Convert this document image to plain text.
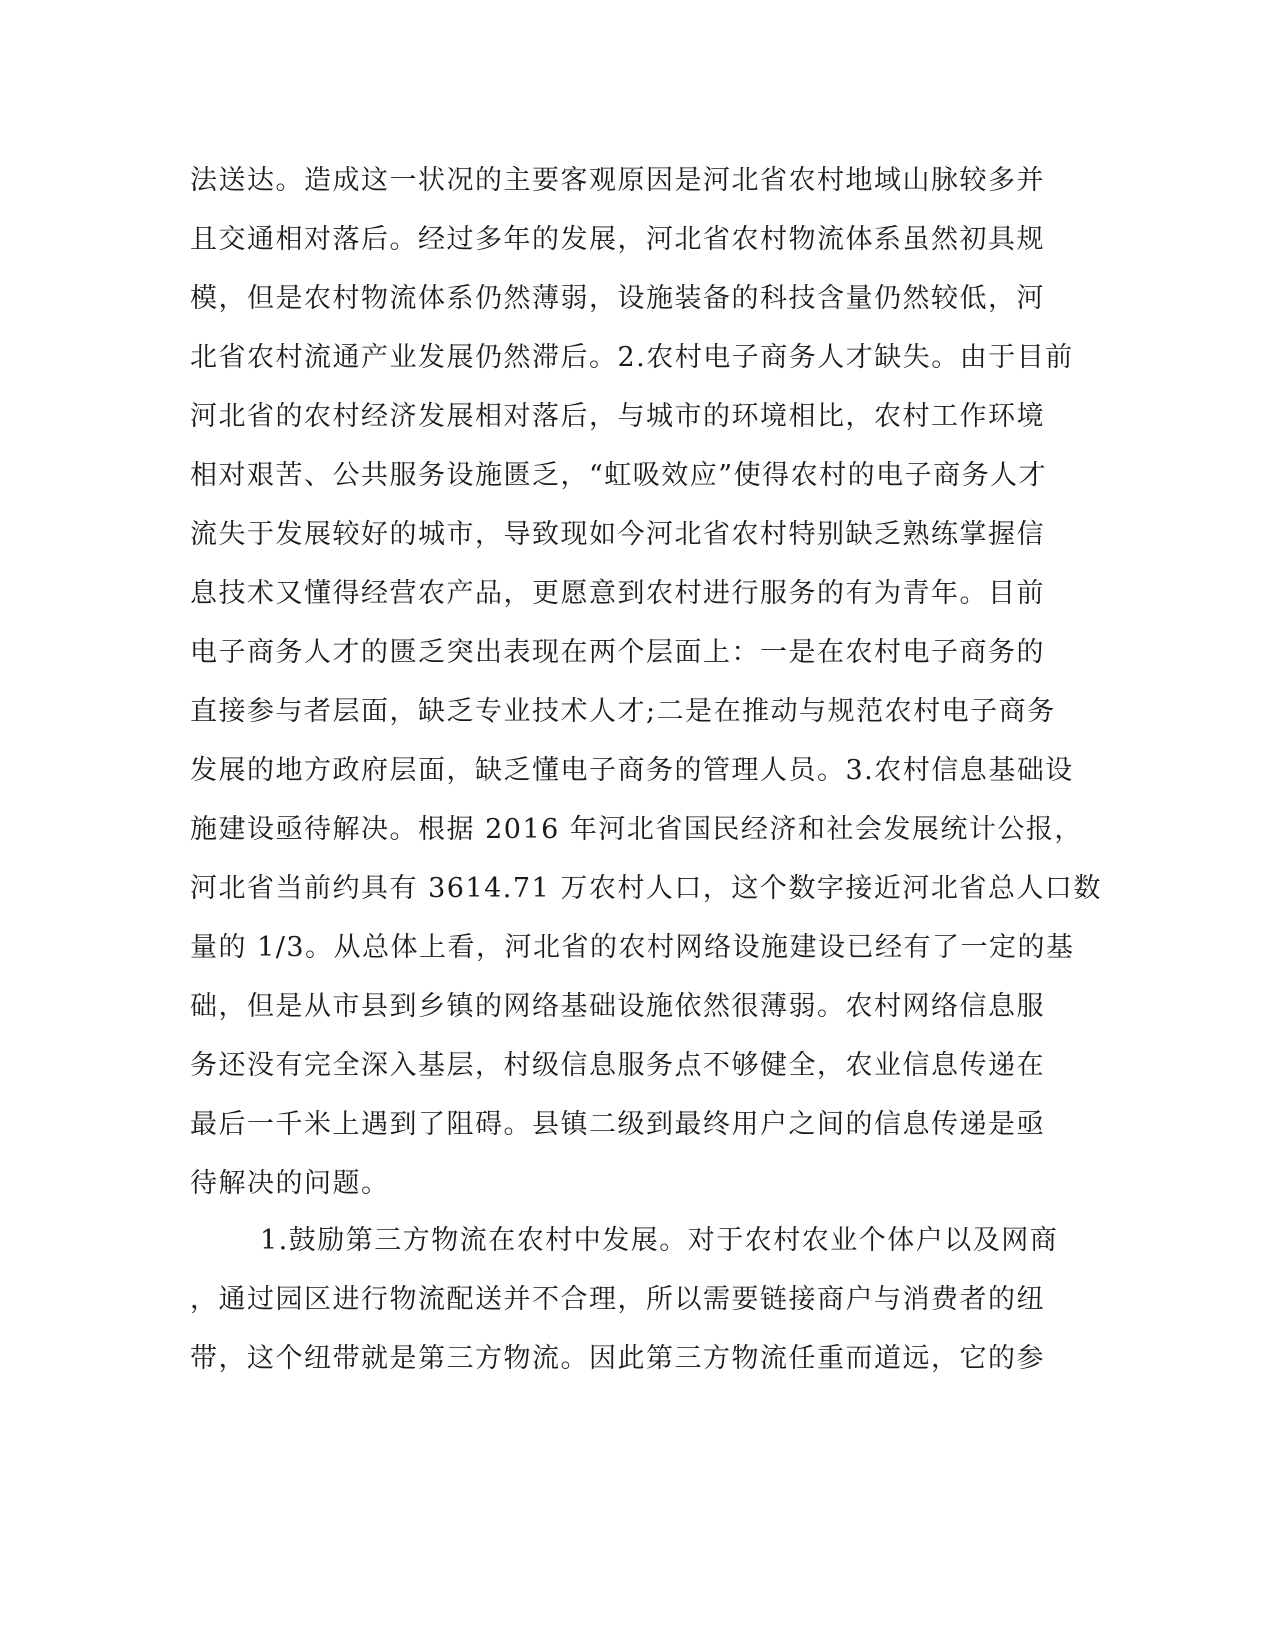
法送达。造成这一状况的主要客观原因是河北省农村地域山脉较多并
且交通相对落后。经过多年的发展，河北省农村物流体系虽然初具规
模，但是农村物流体系仍然薄弱，设施装备的科技含量仍然较低，河
北省农村流通产业发展仍然滞后。2.农村电子商务人才缺失。由于目前
河北省的农村经济发展相对落后，与城市的环境相比，农村工作环境
相对艰苦、公共服务设施匮乏，“虹吸效应”使得农村的电子商务人才
流失于发展较好的城市，导致现如今河北省农村特别缺乏熟练掌握信
息技术又懂得经营农产品，更愿意到农村进行服务的有为青年。目前
电子商务人才的匮乏突出表现在两个层面上：一是在农村电子商务的
直接参与者层面，缺乏专业技术人才;二是在推动与规范农村电子商务
发展的地方政府层面，缺乏懂电子商务的管理人员。3.农村信息基础设
施建设亟待解决。根据 2016 年河北省国民经济和社会发展统计公报，
河北省当前约具有 3614.71 万农村人口，这个数字接近河北省总人口数
量的 1/3。从总体上看，河北省的农村网络设施建设已经有了一定的基
础，但是从市县到乡镇的网络基础设施依然很薄弱。农村网络信息服
务还没有完全深入基层，村级信息服务点不够健全，农业信息传递在
最后一千米上遇到了阻碍。县镇二级到最终用户之间的信息传递是亟
待解决的问题。
1.鼓励第三方物流在农村中发展。对于农村农业个体户以及网商
，通过园区进行物流配送并不合理，所以需要链接商户与消费者的纽
带，这个纽带就是第三方物流。因此第三方物流任重而道远，它的参
